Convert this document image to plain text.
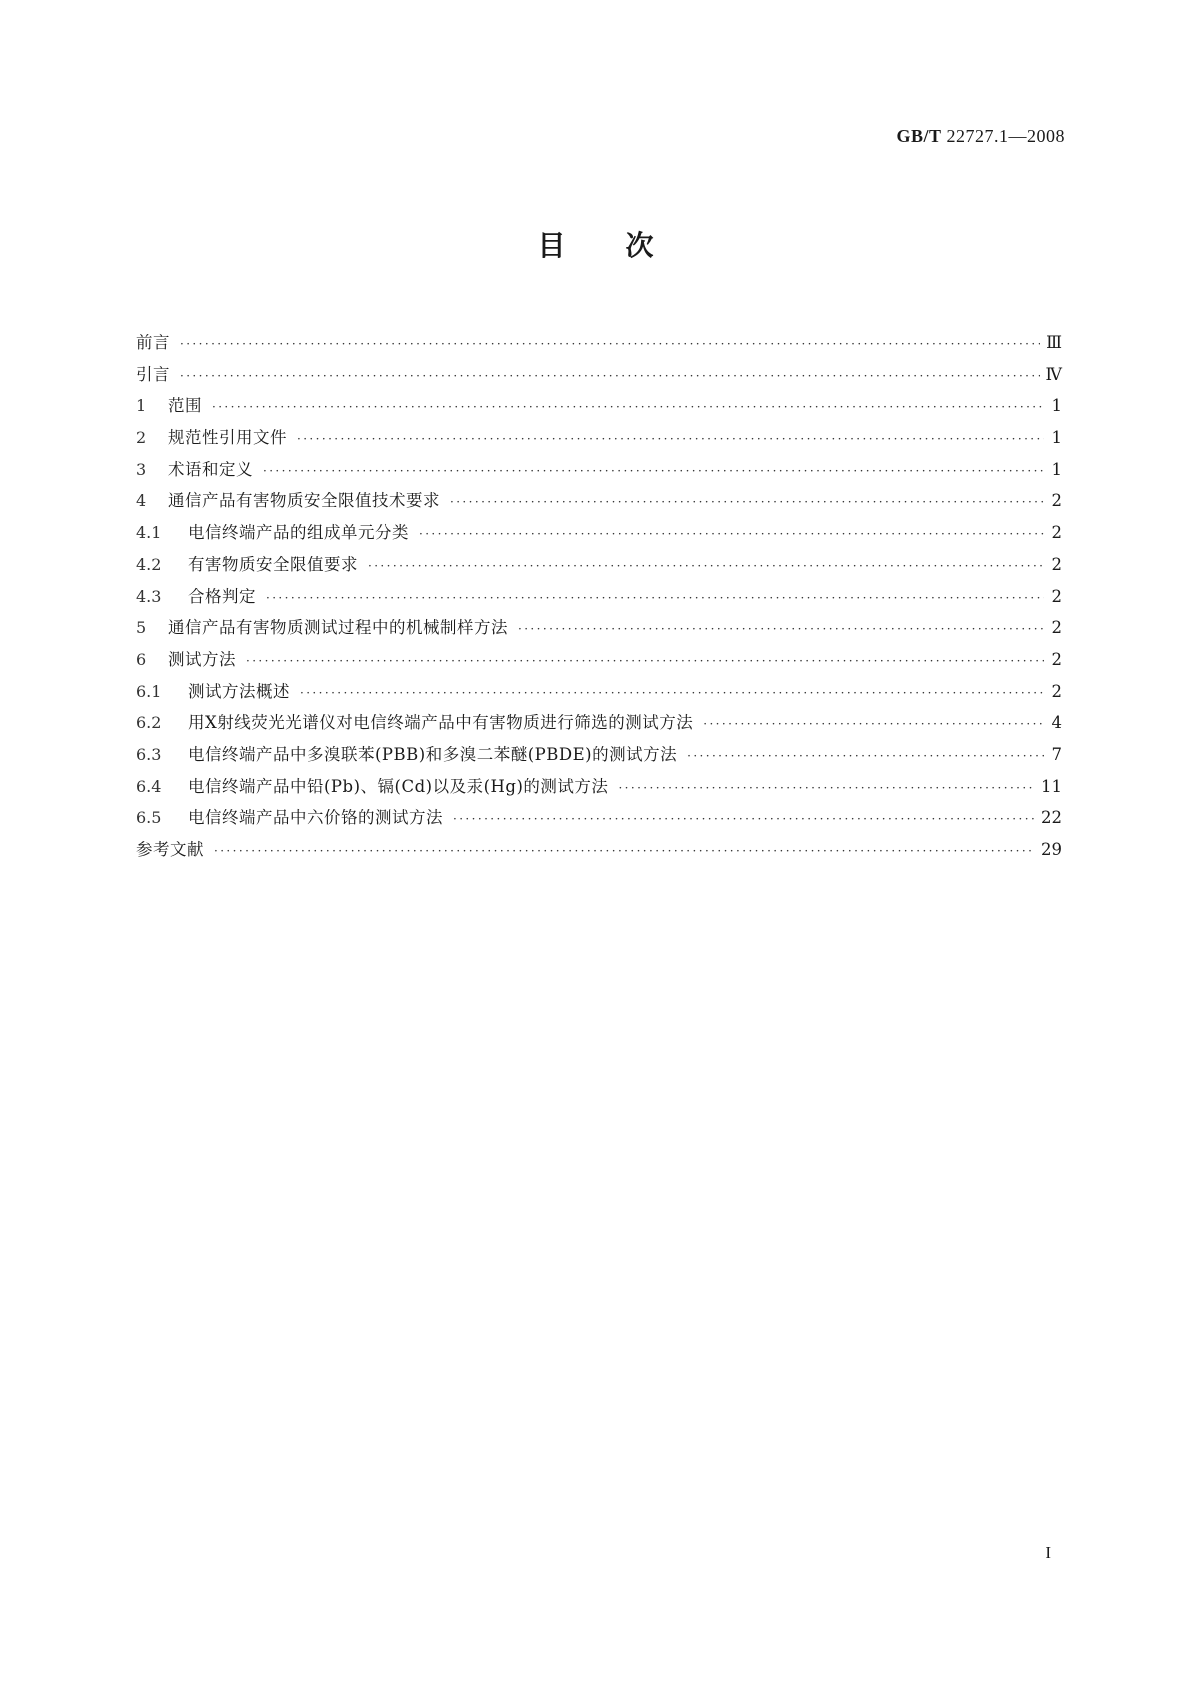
GB/T 22727.1—2008
目次
前言 ·····	Ⅲ
引言 ·····	Ⅳ
1	范围 ·····	1
2	规范性引用文件 ·····	1
3	术语和定义 ·····	1
4	通信产品有害物质安全限值技术要求 ·····	2
4.1	电信终端产品的组成单元分类 ·····	2
4.2	有害物质安全限值要求 ·····	2
4.3	合格判定 ·····	2
5	通信产品有害物质测试过程中的机械制样方法 ·····	2
6	测试方法 ·····	2
6.1	测试方法概述 ·····	2
6.2	用X射线荧光光谱仪对电信终端产品中有害物质进行筛选的测试方法 ·····	4
6.3	电信终端产品中多溴联苯(PBB)和多溴二苯醚(PBDE)的测试方法 ·····	7
6.4	电信终端产品中铅(Pb)、镉(Cd)以及汞(Hg)的测试方法 ·····	11
6.5	电信终端产品中六价铬的测试方法 ·····	22
参考文献 ·····	29
I
